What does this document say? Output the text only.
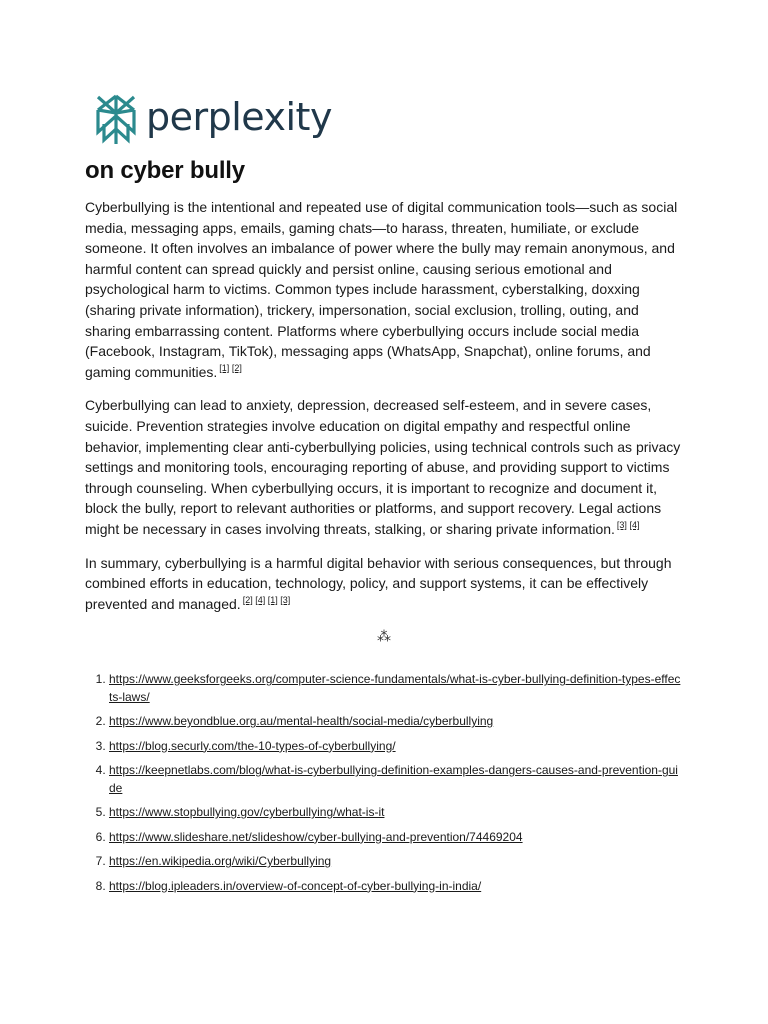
perplexity
on cyber bully

Cyberbullying is the intentional and repeated use of digital communication tools—such as social media, messaging apps, emails, gaming chats—to harass, threaten, humiliate, or exclude someone. It often involves an imbalance of power where the bully may remain anonymous, and harmful content can spread quickly and persist online, causing serious emotional and psychological harm to victims. Common types include harassment, cyberstalking, doxxing (sharing private information), trickery, impersonation, social exclusion, trolling, outing, and sharing embarrassing content. Platforms where cyberbullying occurs include social media (Facebook, Instagram, TikTok), messaging apps (WhatsApp, Snapchat), online forums, and gaming communities. [1] [2]

Cyberbullying can lead to anxiety, depression, decreased self-esteem, and in severe cases, suicide. Prevention strategies involve education on digital empathy and respectful online behavior, implementing clear anti-cyberbullying policies, using technical controls such as privacy settings and monitoring tools, encouraging reporting of abuse, and providing support to victims through counseling. When cyberbullying occurs, it is important to recognize and document it, block the bully, report to relevant authorities or platforms, and support recovery. Legal actions might be necessary in cases involving threats, stalking, or sharing private information. [3] [4]

In summary, cyberbullying is a harmful digital behavior with serious consequences, but through combined efforts in education, technology, policy, and support systems, it can be effectively prevented and managed. [2] [4] [1] [3]

⁂
1. https://www.geeksforgeeks.org/computer-science-fundamentals/what-is-cyber-bullying-definition-types-effects-laws/
2. https://www.beyondblue.org.au/mental-health/social-media/cyberbullying
3. https://blog.securly.com/the-10-types-of-cyberbullying/
4. https://keepnetlabs.com/blog/what-is-cyberbullying-definition-examples-dangers-causes-and-prevention-guide
5. https://www.stopbullying.gov/cyberbullying/what-is-it
6. https://www.slideshare.net/slideshow/cyber-bullying-and-prevention/74469204
7. https://en.wikipedia.org/wiki/Cyberbullying
8. https://blog.ipleaders.in/overview-of-concept-of-cyber-bullying-in-india/
